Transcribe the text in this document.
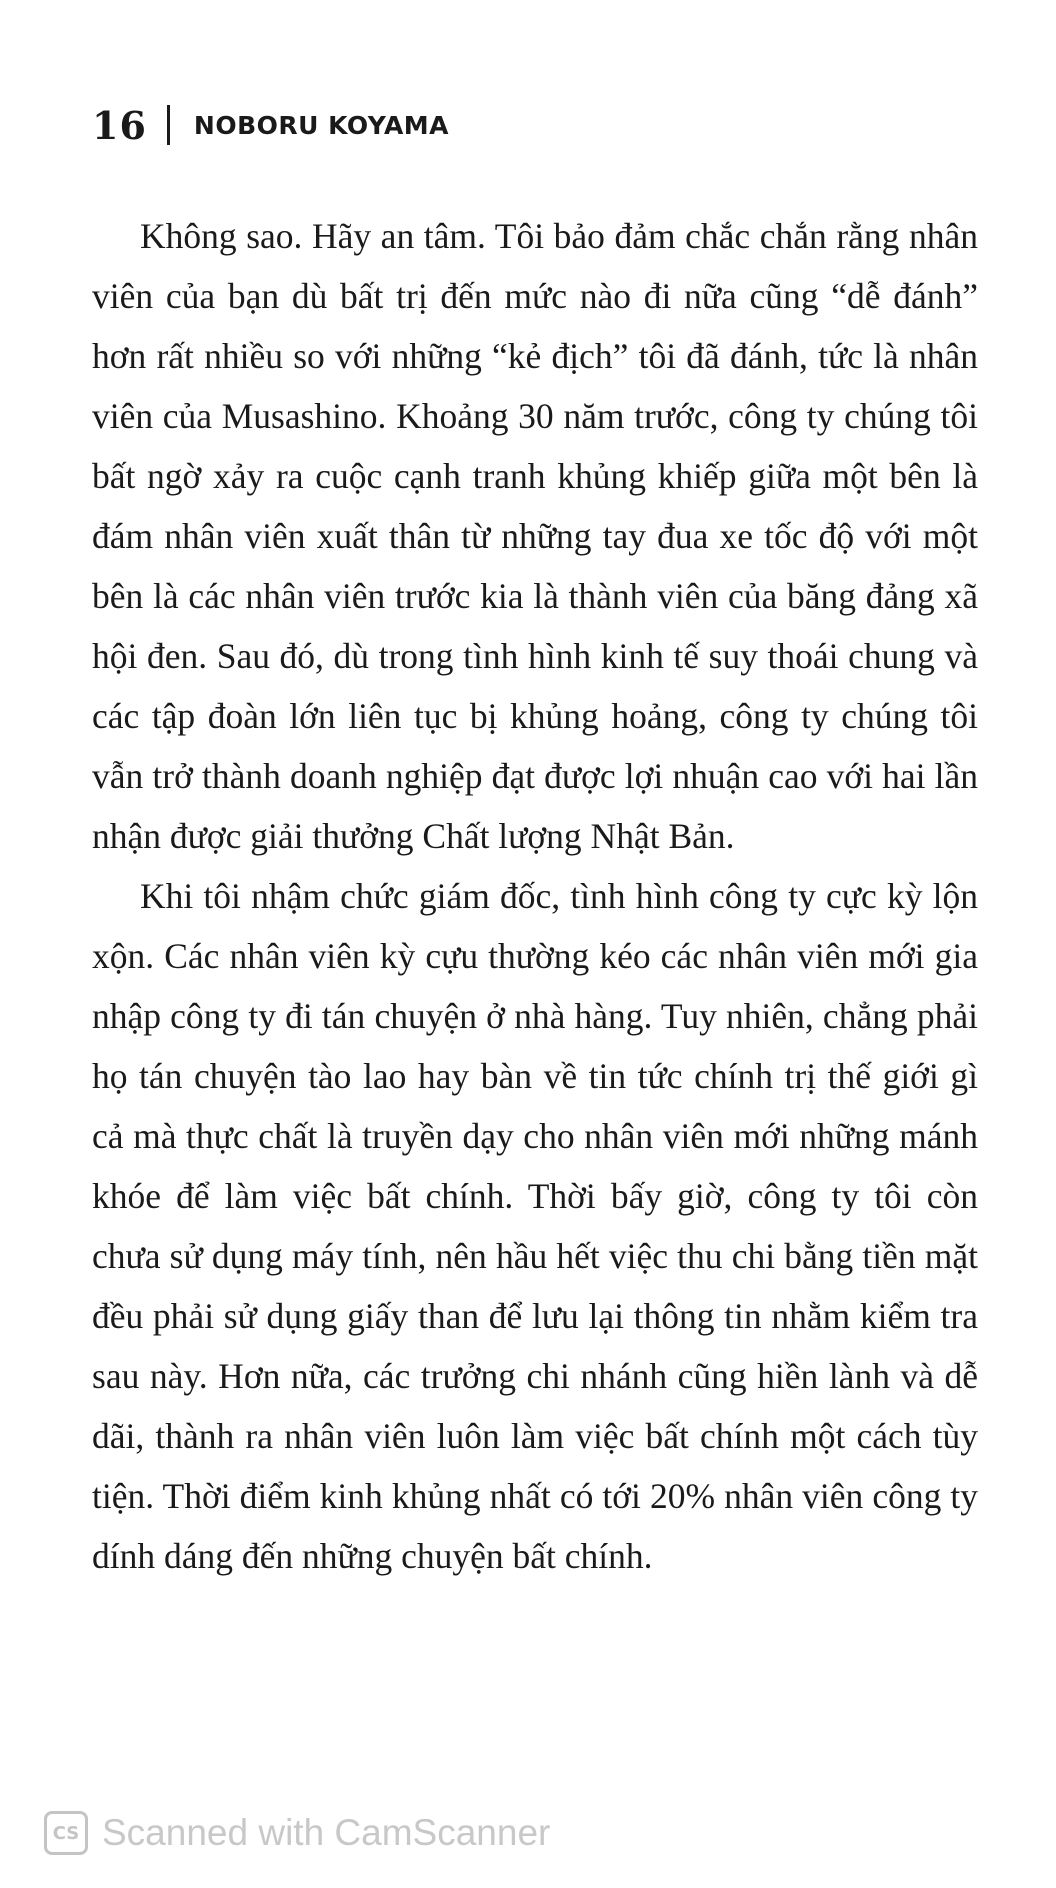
16 NOBORU KOYAMA

Không sao. Hãy an tâm. Tôi bảo đảm chắc chắn rằng nhân viên của bạn dù bất trị đến mức nào đi nữa cũng “dễ đánh” hơn rất nhiều so với những “kẻ địch” tôi đã đánh, tức là nhân viên của Musashino. Khoảng 30 năm trước, công ty chúng tôi bất ngờ xảy ra cuộc cạnh tranh khủng khiếp giữa một bên là đám nhân viên xuất thân từ những tay đua xe tốc độ với một bên là các nhân viên trước kia là thành viên của băng đảng xã hội đen. Sau đó, dù trong tình hình kinh tế suy thoái chung và các tập đoàn lớn liên tục bị khủng hoảng, công ty chúng tôi vẫn trở thành doanh nghiệp đạt được lợi nhuận cao với hai lần nhận được giải thưởng Chất lượng Nhật Bản.

Khi tôi nhậm chức giám đốc, tình hình công ty cực kỳ lộn xộn. Các nhân viên kỳ cựu thường kéo các nhân viên mới gia nhập công ty đi tán chuyện ở nhà hàng. Tuy nhiên, chẳng phải họ tán chuyện tào lao hay bàn về tin tức chính trị thế giới gì cả mà thực chất là truyền dạy cho nhân viên mới những mánh khóe để làm việc bất chính. Thời bấy giờ, công ty tôi còn chưa sử dụng máy tính, nên hầu hết việc thu chi bằng tiền mặt đều phải sử dụng giấy than để lưu lại thông tin nhằm kiểm tra sau này. Hơn nữa, các trưởng chi nhánh cũng hiền lành và dễ dãi, thành ra nhân viên luôn làm việc bất chính một cách tùy tiện. Thời điểm kinh khủng nhất có tới 20% nhân viên công ty dính dáng đến những chuyện bất chính.

CS Scanned with CamScanner
